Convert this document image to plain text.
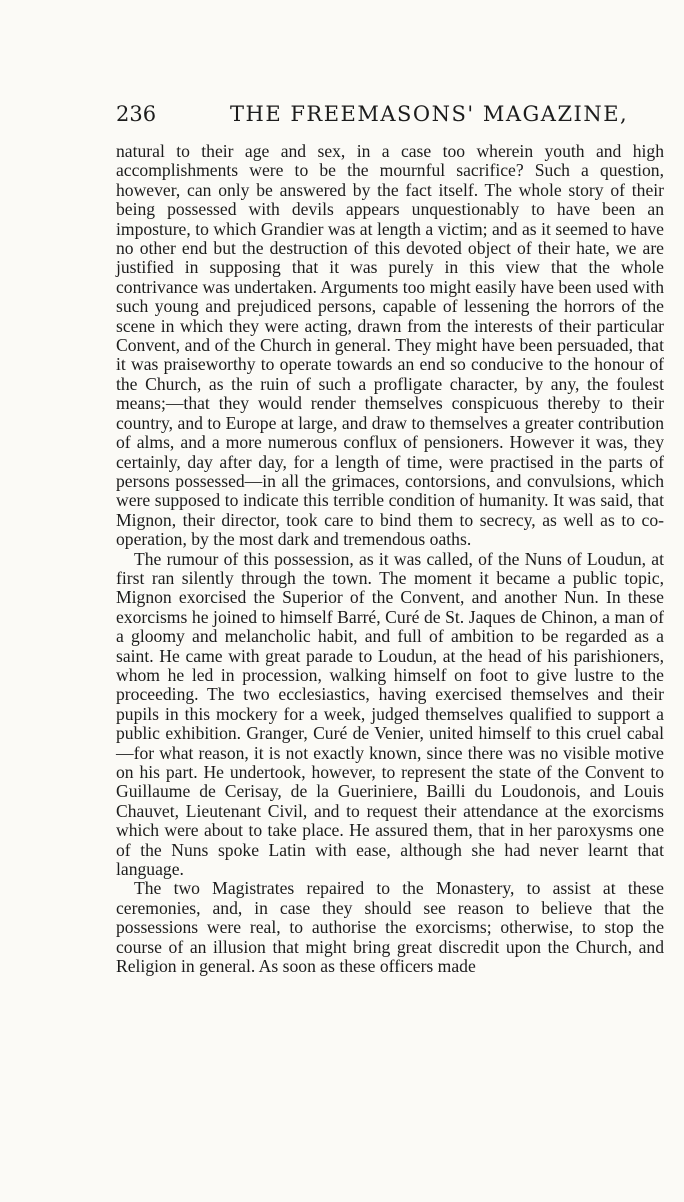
236	THE FREEMASONS' MAGAZINE,

natural to their age and sex, in a case too wherein youth and high accomplishments were to be the mournful sacrifice? Such a question, however, can only be answered by the fact itself. The whole story of their being possessed with devils appears unquestionably to have been an imposture, to which Grandier was at length a victim; and as it seemed to have no other end but the destruction of this devoted object of their hate, we are justified in supposing that it was purely in this view that the whole contrivance was undertaken. Arguments too might easily have been used with such young and prejudiced persons, capable of lessening the horrors of the scene in which they were acting, drawn from the interests of their particular Convent, and of the Church in general. They might have been persuaded, that it was praiseworthy to operate towards an end so conducive to the honour of the Church, as the ruin of such a profligate character, by any, the foulest means;—that they would render themselves conspicuous thereby to their country, and to Europe at large, and draw to themselves a greater contribution of alms, and a more numerous conflux of pensioners. However it was, they certainly, day after day, for a length of time, were practised in the parts of persons possessed—in all the grimaces, contorsions, and convulsions, which were supposed to indicate this terrible condition of humanity. It was said, that Mignon, their director, took care to bind them to secrecy, as well as to co-operation, by the most dark and tremendous oaths.

The rumour of this possession, as it was called, of the Nuns of Loudun, at first ran silently through the town. The moment it became a public topic, Mignon exorcised the Superior of the Convent, and another Nun. In these exorcisms he joined to himself Barré, Curé de St. Jaques de Chinon, a man of a gloomy and melancholic habit, and full of ambition to be regarded as a saint. He came with great parade to Loudun, at the head of his parishioners, whom he led in procession, walking himself on foot to give lustre to the proceeding. The two ecclesiastics, having exercised themselves and their pupils in this mockery for a week, judged themselves qualified to support a public exhibition. Granger, Curé de Venier, united himself to this cruel cabal—for what reason, it is not exactly known, since there was no visible motive on his part. He undertook, however, to represent the state of the Convent to Guillaume de Cerisay, de la Gueriniere, Bailli du Loudonois, and Louis Chauvet, Lieutenant Civil, and to request their attendance at the exorcisms which were about to take place. He assured them, that in her paroxysms one of the Nuns spoke Latin with ease, although she had never learnt that language.

The two Magistrates repaired to the Monastery, to assist at these ceremonies, and, in case they should see reason to believe that the possessions were real, to authorise the exorcisms; otherwise, to stop the course of an illusion that might bring great discredit upon the Church, and Religion in general. As soon as these officers made
